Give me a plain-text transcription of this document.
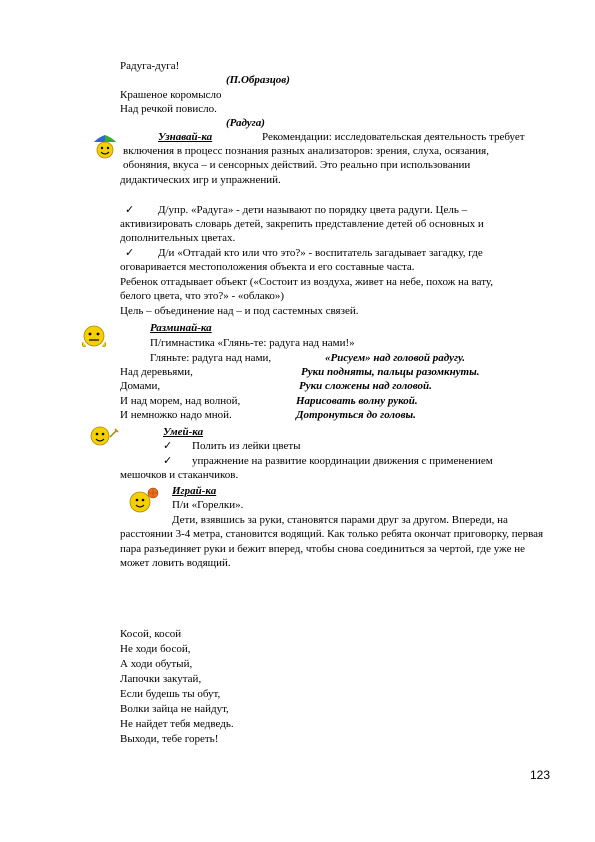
Радуга-дуга!
(П.Образцов)
Крашеное коромысло
Над речкой повисло.
(Радуга)
Узнавай-ка	Рекомендации: исследовательская деятельность требует
включения в процесс познания разных анализаторов: зрения, слуха, осязания,
обоняния, вкуса – и сенсорных действий. Это реально при использовании
дидактических игр и упражнений.
✓ Д/упр. «Радуга» - дети называют по порядку цвета радуги. Цель –
активизировать словарь детей, закрепить представление детей об основных и
дополнительных цветах.
✓ Д/и «Отгадай кто или что это?» - воспитатель загадывает загадку, где
оговаривается местоположения объекта и его составные часта.
Ребенок отгадывает объект («Состоит из воздуха, живет на небе, похож на вату,
белого цвета, что это?» - «облако»)
Цель – объединение над – и под састемных связей.
Разминай-ка
П/гимнастика «Глянь-те: радуга над нами!»
Гляньте: радуга над нами,	«Рисуем» над головой радугу.
Над деревьями,	Руки подняты, пальцы разомкнуты.
Домами,	Руки сложены над головой.
И над морем, над волной,	Нарисовать волну рукой.
И немножко надо мной.	Дотронуться до головы.
Умей-ка
✓ Полить из лейки цветы
✓ упражнение на развитие координации движения с применением
мешочков и стаканчиков.
Играй-ка
П/и «Горелки».
Дети, взявшись за руки, становятся парами друг за другом. Впереди, на
расстоянии 3-4 метра, становится водящий. Как только ребята окончат приговорку, первая
пара разъединяет руки и бежит вперед, чтобы снова соединиться за чертой, где уже не
может ловить водящий.
Косой, косой
Не ходи босой,
А ходи обутый,
Лапочки закутай,
Если будешь ты обут,
Волки зайца не найдут,
Не найдет тебя медведь.
Выходи, тебе гореть!
123
